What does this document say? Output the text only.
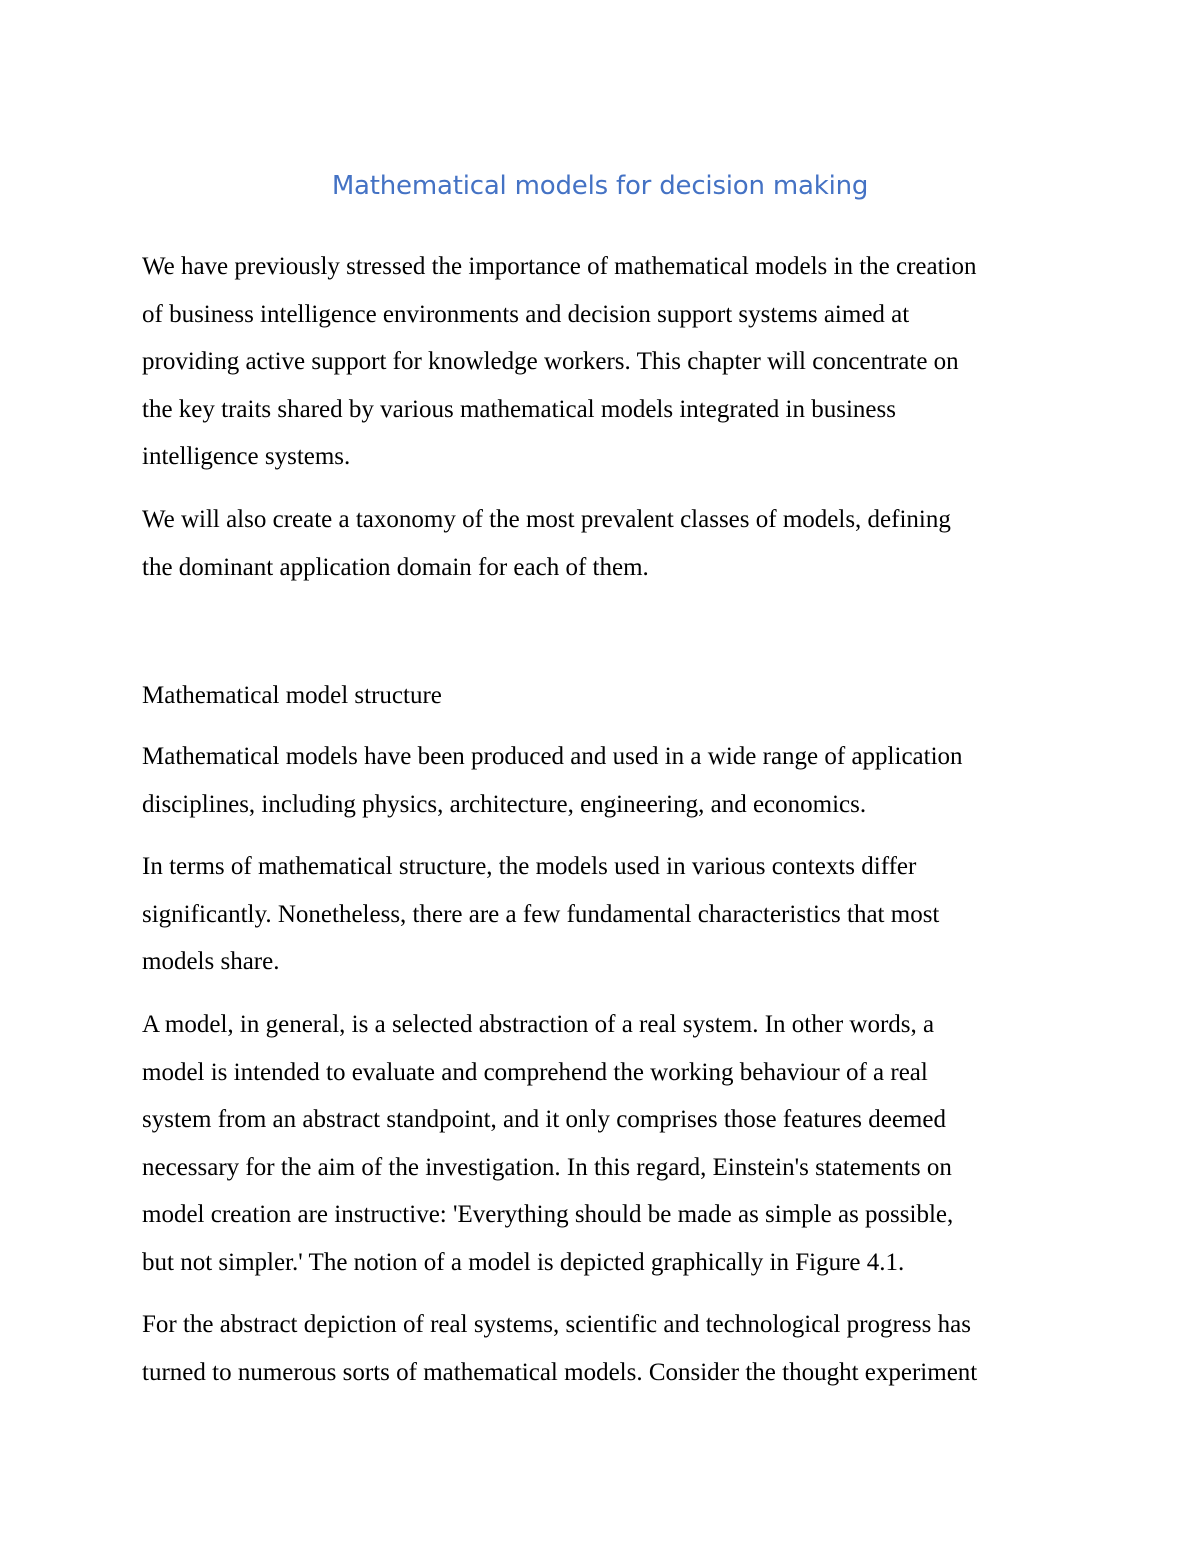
Mathematical models for decision making

We have previously stressed the importance of mathematical models in the creation
of business intelligence environments and decision support systems aimed at
providing active support for knowledge workers. This chapter will concentrate on
the key traits shared by various mathematical models integrated in business
intelligence systems.

We will also create a taxonomy of the most prevalent classes of models, defining
the dominant application domain for each of them.

Mathematical model structure

Mathematical models have been produced and used in a wide range of application
disciplines, including physics, architecture, engineering, and economics.

In terms of mathematical structure, the models used in various contexts differ
significantly. Nonetheless, there are a few fundamental characteristics that most
models share.

A model, in general, is a selected abstraction of a real system. In other words, a
model is intended to evaluate and comprehend the working behaviour of a real
system from an abstract standpoint, and it only comprises those features deemed
necessary for the aim of the investigation. In this regard, Einstein's statements on
model creation are instructive: 'Everything should be made as simple as possible,
but not simpler.' The notion of a model is depicted graphically in Figure 4.1.

For the abstract depiction of real systems, scientific and technological progress has
turned to numerous sorts of mathematical models. Consider the thought experiment
